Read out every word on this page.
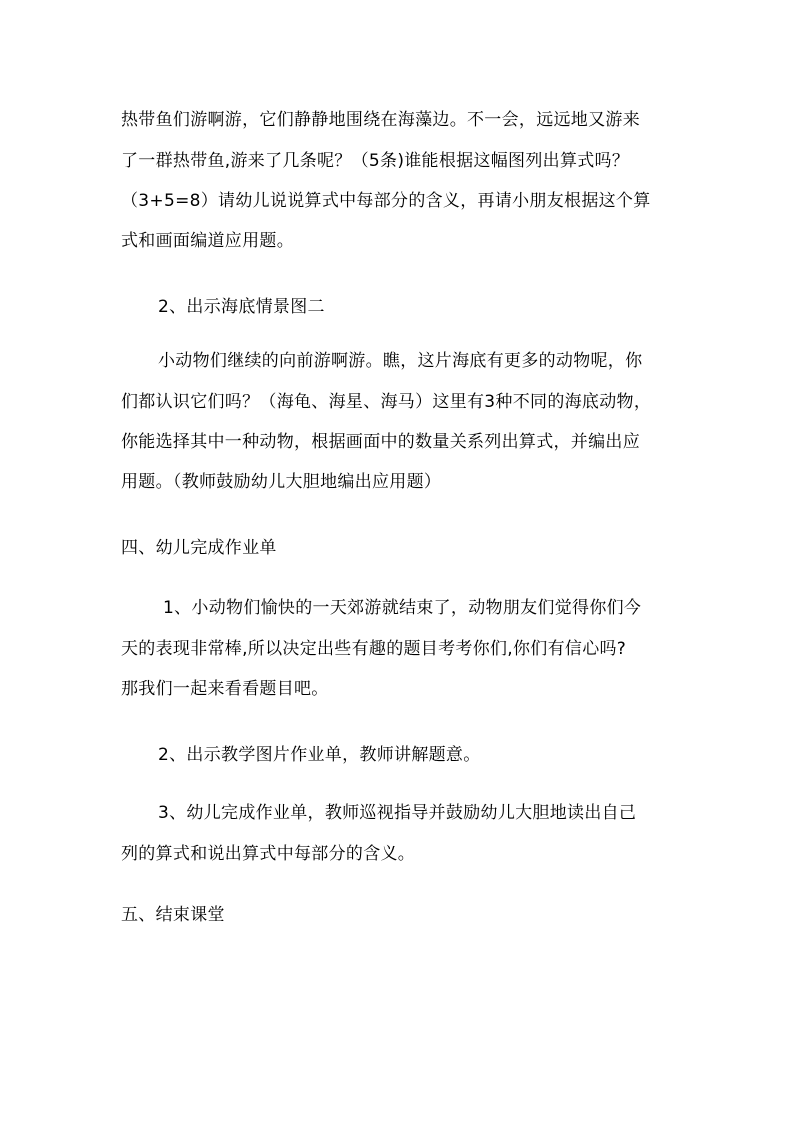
热带鱼们游啊游，它们静静地围绕在海藻边。不一会，远远地又游来
了一群热带鱼,游来了几条呢？（5条)谁能根据这幅图列出算式吗？
（3+5=8）请幼儿说说算式中每部分的含义，再请小朋友根据这个算
式和画面编道应用题。
2、出示海底情景图二
小动物们继续的向前游啊游。瞧，这片海底有更多的动物呢，你
们都认识它们吗？（海龟、海星、海马）这里有3种不同的海底动物，
你能选择其中一种动物，根据画面中的数量关系列出算式，并编出应
用题。（教师鼓励幼儿大胆地编出应用题）
四、幼儿完成作业单
1、小动物们愉快的一天郊游就结束了，动物朋友们觉得你们今
天的表现非常棒,所以决定出些有趣的题目考考你们,你们有信心吗?
那我们一起来看看题目吧。
2、出示教学图片作业单，教师讲解题意。
3、幼儿完成作业单，教师巡视指导并鼓励幼儿大胆地读出自己
列的算式和说出算式中每部分的含义。
五、结束课堂
